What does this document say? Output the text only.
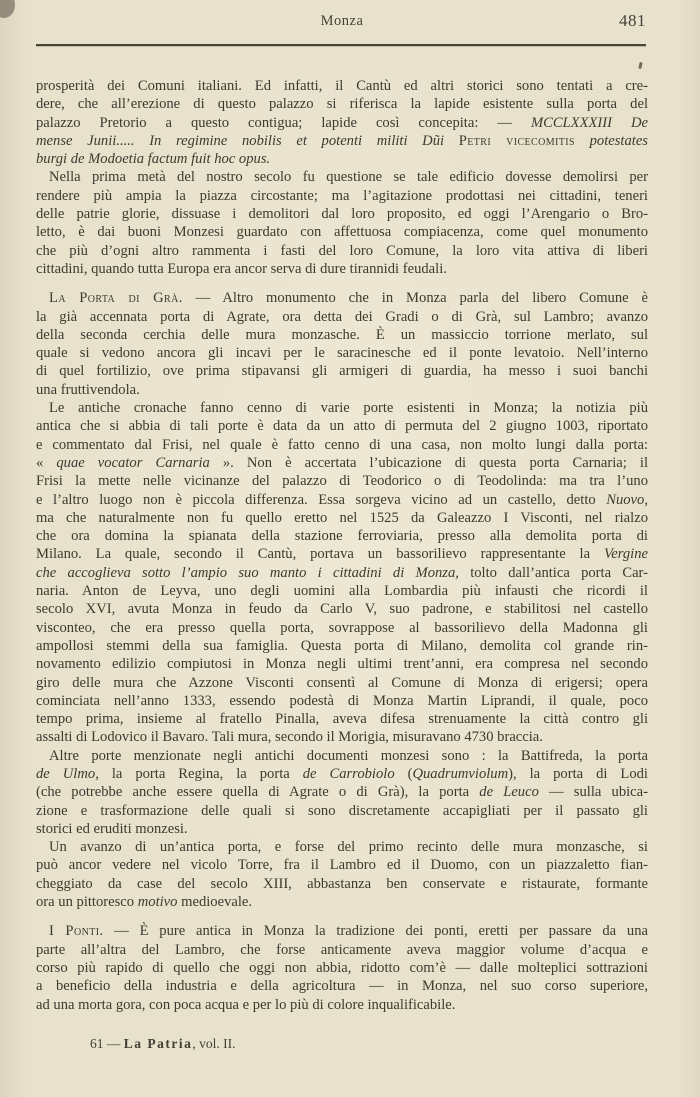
Monza	481
prosperità dei Comuni italiani. Ed infatti, il Cantù ed altri storici sono tentati a cre-
dere, che all’erezione di questo palazzo si riferisca la lapide esistente sulla porta del
palazzo Pretorio a questo contigua; lapide così concepita: — MCCLXXXIII De
mense Junii..... In regimine nobilis et potenti militi Dũi Petri vicecomitis potestates
burgi de Modoetia factum fuit hoc opus.
Nella prima metà del nostro secolo fu questione se tale edificio dovesse demolirsi per
rendere più ampia la piazza circostante; ma l’agitazione prodottasi nei cittadini, teneri
delle patrie glorie, dissuase i demolitori dal loro proposito, ed oggi l’Arengario o Bro-
letto, è dai buoni Monzesi guardato con affettuosa compiacenza, come quel monumento
che più d’ogni altro rammenta i fasti del loro Comune, la loro vita attiva di liberi
cittadini, quando tutta Europa era ancor serva di dure tirannidi feudali.
La Porta di Grà. — Altro monumento che in Monza parla del libero Comune è
la già accennata porta di Agrate, ora detta dei Gradi o di Grà, sul Lambro; avanzo
della seconda cerchia delle mura monzasche. È un massiccio torrione merlato, sul
quale si vedono ancora gli incavi per le saracinesche ed il ponte levatoio. Nell’interno
di quel fortilizio, ove prima stipavansi gli armigeri di guardia, ha messo i suoi banchi
una fruttivendola.
Le antiche cronache fanno cenno di varie porte esistenti in Monza; la notizia più
antica che si abbia di tali porte è data da un atto di permuta del 2 giugno 1003, riportato
e commentato dal Frisi, nel quale è fatto cenno di una casa, non molto lungi dalla porta:
« quae vocator Carnaria ». Non è accertata l’ubicazione di questa porta Carnaria; il
Frisi la mette nelle vicinanze del palazzo di Teodorico o di Teodolinda: ma tra l’uno
e l’altro luogo non è piccola differenza. Essa sorgeva vicino ad un castello, detto Nuovo,
ma che naturalmente non fu quello eretto nel 1525 da Galeazzo I Visconti, nel rialzo
che ora domina la spianata della stazione ferroviaria, presso alla demolita porta di
Milano. La quale, secondo il Cantù, portava un bassorilievo rappresentante la Vergine
che accoglieva sotto l’ampio suo manto i cittadini di Monza, tolto dall’antica porta Car-
naria. Anton de Leyva, uno degli uomini alla Lombardia più infausti che ricordi il
secolo XVI, avuta Monza in feudo da Carlo V, suo padrone, e stabilitosi nel castello
visconteo, che era presso quella porta, sovrappose al bassorilievo della Madonna gli
ampollosi stemmi della sua famiglia. Questa porta di Milano, demolita col grande rin-
novamento edilizio compiutosi in Monza negli ultimi trent’anni, era compresa nel secondo
giro delle mura che Azzone Visconti consentì al Comune di Monza di erigersi; opera
cominciata nell’anno 1333, essendo podestà di Monza Martin Liprandi, il quale, poco
tempo prima, insieme al fratello Pinalla, aveva difesa strenuamente la città contro gli
assalti di Lodovico il Bavaro. Tali mura, secondo il Morigia, misuravano 4730 braccia.
Altre porte menzionate negli antichi documenti monzesi sono : la Battifreda, la porta
de Ulmo, la porta Regina, la porta de Carrobiolo (Quadrumviolum), la porta di Lodi
(che potrebbe anche essere quella di Agrate o di Grà), la porta de Leuco — sulla ubica-
zione e trasformazione delle quali si sono discretamente accapigliati per il passato gli
storici ed eruditi monzesi.
Un avanzo di un’antica porta, e forse del primo recinto delle mura monzasche, si
può ancor vedere nel vicolo Torre, fra il Lambro ed il Duomo, con un piazzaletto fian-
cheggiato da case del secolo XIII, abbastanza ben conservate e ristaurate, formante
ora un pittoresco motivo medioevale.
I Ponti. — È pure antica in Monza la tradizione dei ponti, eretti per passare da una
parte all’altra del Lambro, che forse anticamente aveva maggior volume d’acqua e
corso più rapido di quello che oggi non abbia, ridotto com’è — dalle molteplici sottrazioni
a beneficio della industria e della agricoltura — in Monza, nel suo corso superiore,
ad una morta gora, con poca acqua e per lo più di colore inqualificabile.
61 — La Patria, vol. II.
